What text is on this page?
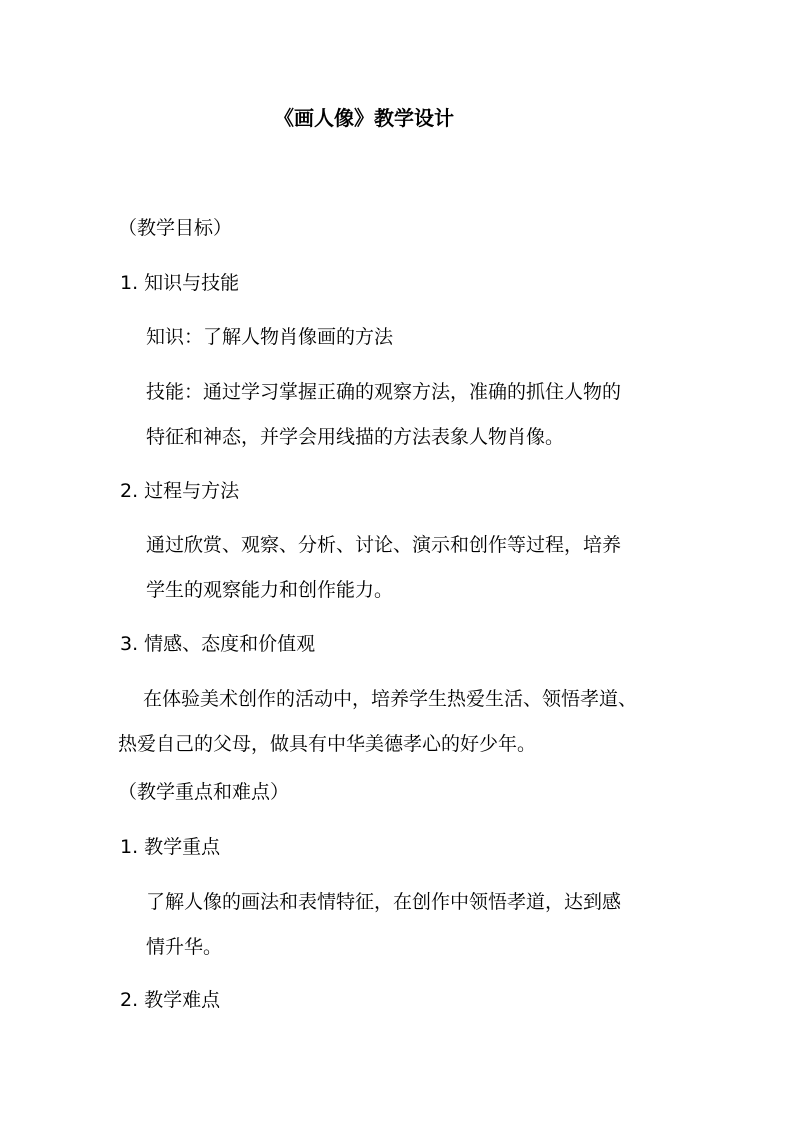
《画人像》教学设计
（教学目标）
1. 知识与技能
知识：了解人物肖像画的方法
技能：通过学习掌握正确的观察方法，准确的抓住人物的
特征和神态，并学会用线描的方法表象人物肖像。
2. 过程与方法
通过欣赏、观察、分析、讨论、演示和创作等过程，培养
学生的观察能力和创作能力。
3. 情感、态度和价值观
在体验美术创作的活动中，培养学生热爱生活、领悟孝道、
热爱自己的父母，做具有中华美德孝心的好少年。
（教学重点和难点）
1. 教学重点
了解人像的画法和表情特征，在创作中领悟孝道，达到感
情升华。
2. 教学难点
